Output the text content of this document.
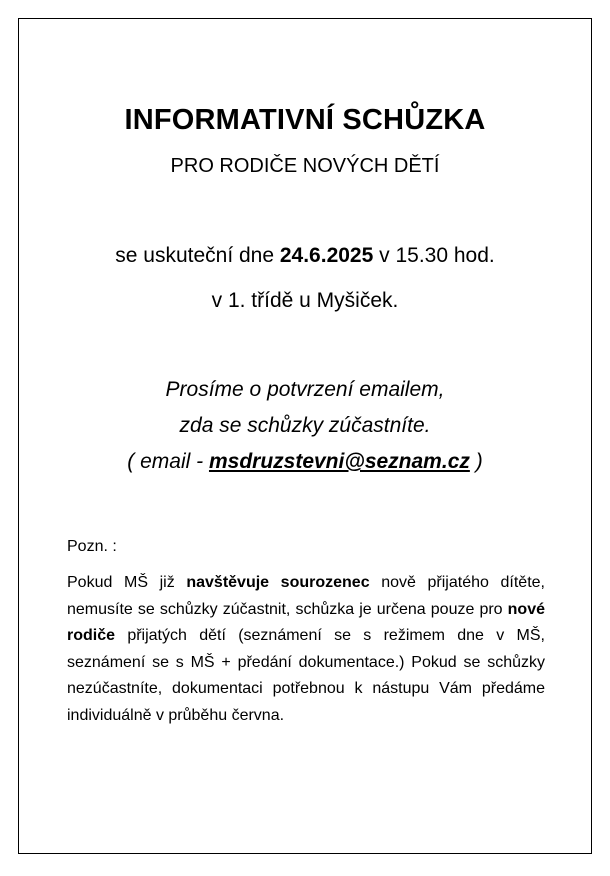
INFORMATIVNÍ SCHŮZKA
PRO RODIČE NOVÝCH DĚTÍ
se uskuteční dne 24.6.2025 v 15.30 hod.
v 1. třídě u Myšiček.
Prosíme o potvrzení emailem,
zda se schůzky zúčastníte.
( email - msdruzstevni@seznam.cz )
Pozn. :
Pokud MŠ již navštěvuje sourozenec nově přijatého dítěte, nemusíte se schůzky zúčastnit, schůzka je určena pouze pro nové rodiče přijatých dětí (seznámení se s režimem dne v MŠ, seznámení se s MŠ + předání dokumentace.) Pokud se schůzky nezúčastníte, dokumentaci potřebnou k nástupu Vám předáme individuálně v průběhu června.
